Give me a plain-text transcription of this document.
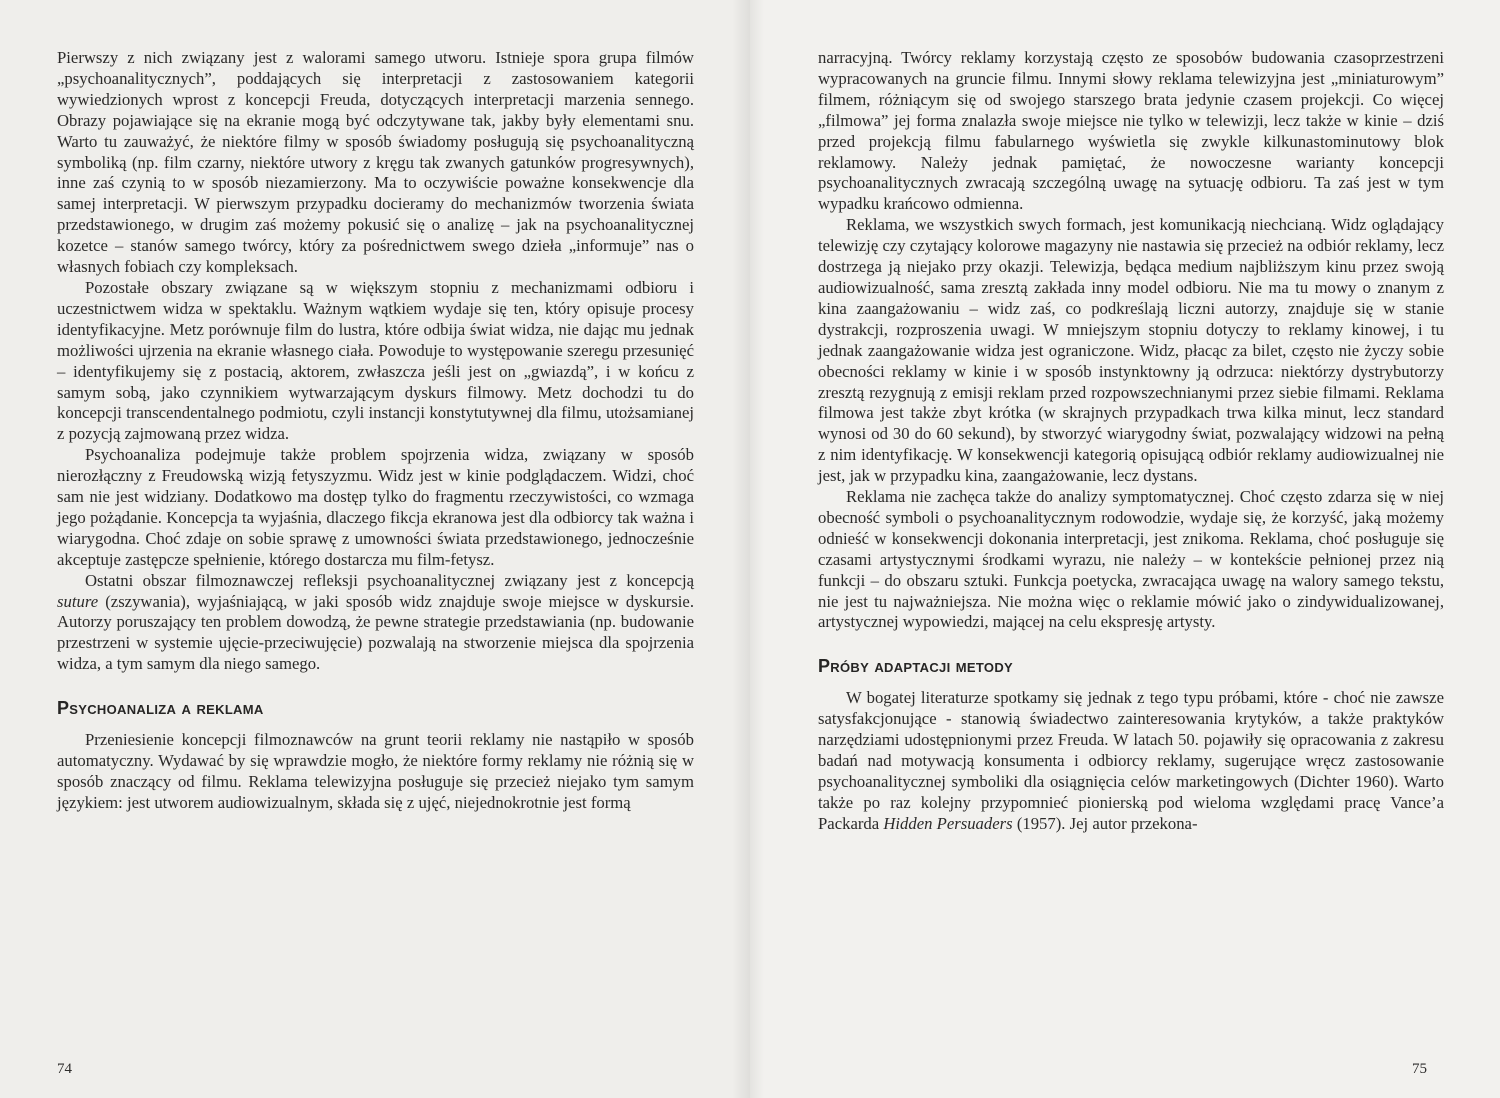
Pierwszy z nich związany jest z walorami samego utworu. Istnieje spora grupa filmów „psychoanalitycznych”, poddających się interpretacji z zastosowaniem kategorii wywiedzionych wprost z koncepcji Freuda, dotyczących interpretacji marzenia sennego. Obrazy pojawiające się na ekranie mogą być odczytywane tak, jakby były elementami snu. Warto tu zauważyć, że niektóre filmy w sposób świadomy posługują się psychoanalityczną symboliką (np. film czarny, niektóre utwory z kręgu tak zwanych gatunków progresywnych), inne zaś czynią to w sposób niezamierzony. Ma to oczywiście poważne konsekwencje dla samej interpretacji. W pierwszym przypadku docieramy do mechanizmów tworzenia świata przedstawionego, w drugim zaś możemy pokusić się o analizę – jak na psychoanalitycznej kozetce – stanów samego twórcy, który za pośrednictwem swego dzieła „informuje” nas o własnych fobiach czy kompleksach.

Pozostałe obszary związane są w większym stopniu z mechanizmami odbioru i uczestnictwem widza w spektaklu. Ważnym wątkiem wydaje się ten, który opisuje procesy identyfikacyjne. Metz porównuje film do lustra, które odbija świat widza, nie dając mu jednak możliwości ujrzenia na ekranie własnego ciała. Powoduje to występowanie szeregu przesunięć – identyfikujemy się z postacią, aktorem, zwłaszcza jeśli jest on „gwiazdą”, i w końcu z samym sobą, jako czynnikiem wytwarzającym dyskurs filmowy. Metz dochodzi tu do koncepcji transcendentalnego podmiotu, czyli instancji konstytutywnej dla filmu, utożsamianej z pozycją zajmowaną przez widza.

Psychoanaliza podejmuje także problem spojrzenia widza, związany w sposób nierozłączny z Freudowską wizją fetyszyzmu. Widz jest w kinie podglądaczem. Widzi, choć sam nie jest widziany. Dodatkowo ma dostęp tylko do fragmentu rzeczywistości, co wzmaga jego pożądanie. Koncepcja ta wyjaśnia, dlaczego fikcja ekranowa jest dla odbiorcy tak ważna i wiarygodna. Choć zdaje on sobie sprawę z umowności świata przedstawionego, jednocześnie akceptuje zastępcze spełnienie, którego dostarcza mu film-fetysz.

Ostatni obszar filmoznawczej refleksji psychoanalitycznej związany jest z koncepcją suture (zszywania), wyjaśniającą, w jaki sposób widz znajduje swoje miejsce w dyskursie. Autorzy poruszający ten problem dowodzą, że pewne strategie przedstawiania (np. budowanie przestrzeni w systemie ujęcie-przeciwujęcie) pozwalają na stworzenie miejsca dla spojrzenia widza, a tym samym dla niego samego.

Psychoanaliza a reklama

Przeniesienie koncepcji filmoznawców na grunt teorii reklamy nie nastąpiło w sposób automatyczny. Wydawać by się wprawdzie mogło, że niektóre formy reklamy nie różnią się w sposób znaczący od filmu. Reklama telewizyjna posługuje się przecież niejako tym samym językiem: jest utworem audiowizualnym, składa się z ujęć, niejednokrotnie jest formą

74

narracyjną. Twórcy reklamy korzystają często ze sposobów budowania czasoprzestrzeni wypracowanych na gruncie filmu. Innymi słowy reklama telewizyjna jest „miniaturowym” filmem, różniącym się od swojego starszego brata jedynie czasem projekcji. Co więcej „filmowa” jej forma znalazła swoje miejsce nie tylko w telewizji, lecz także w kinie – dziś przed projekcją filmu fabularnego wyświetla się zwykle kilkunastominutowy blok reklamowy. Należy jednak pamiętać, że nowoczesne warianty koncepcji psychoanalitycznych zwracają szczególną uwagę na sytuację odbioru. Ta zaś jest w tym wypadku krańcowo odmienna.

Reklama, we wszystkich swych formach, jest komunikacją niechcianą. Widz oglądający telewizję czy czytający kolorowe magazyny nie nastawia się przecież na odbiór reklamy, lecz dostrzega ją niejako przy okazji. Telewizja, będąca medium najbliższym kinu przez swoją audiowizualność, sama zresztą zakłada inny model odbioru. Nie ma tu mowy o znanym z kina zaangażowaniu – widz zaś, co podkreślają liczni autorzy, znajduje się w stanie dystrakcji, rozproszenia uwagi. W mniejszym stopniu dotyczy to reklamy kinowej, i tu jednak zaangażowanie widza jest ograniczone. Widz, płacąc za bilet, często nie życzy sobie obecności reklamy w kinie i w sposób instynktowny ją odrzuca: niektórzy dystrybutorzy zresztą rezygnują z emisji reklam przed rozpowszechnianymi przez siebie filmami. Reklama filmowa jest także zbyt krótka (w skrajnych przypadkach trwa kilka minut, lecz standard wynosi od 30 do 60 sekund), by stworzyć wiarygodny świat, pozwalający widzowi na pełną z nim identyfikację. W konsekwencji kategorią opisującą odbiór reklamy audiowizualnej nie jest, jak w przypadku kina, zaangażowanie, lecz dystans.

Reklama nie zachęca także do analizy symptomatycznej. Choć często zdarza się w niej obecność symboli o psychoanalitycznym rodowodzie, wydaje się, że korzyść, jaką możemy odnieść w konsekwencji dokonania interpretacji, jest znikoma. Reklama, choć posługuje się czasami artystycznymi środkami wyrazu, nie należy – w kontekście pełnionej przez nią funkcji – do obszaru sztuki. Funkcja poetycka, zwracająca uwagę na walory samego tekstu, nie jest tu najważniejsza. Nie można więc o reklamie mówić jako o zindywidualizowanej, artystycznej wypowiedzi, mającej na celu ekspresję artysty.

Próby adaptacji metody

W bogatej literaturze spotkamy się jednak z tego typu próbami, które - choć nie zawsze satysfakcjonujące - stanowią świadectwo zainteresowania krytyków, a także praktyków narzędziami udostępnionymi przez Freuda. W latach 50. pojawiły się opracowania z zakresu badań nad motywacją konsumenta i odbiorcy reklamy, sugerujące wręcz zastosowanie psychoanalitycznej symboliki dla osiągnięcia celów marketingowych (Dichter 1960). Warto także po raz kolejny przypomnieć pionierską pod wieloma względami pracę Vance’a Packarda Hidden Persuaders (1957). Jej autor przekona-

75
